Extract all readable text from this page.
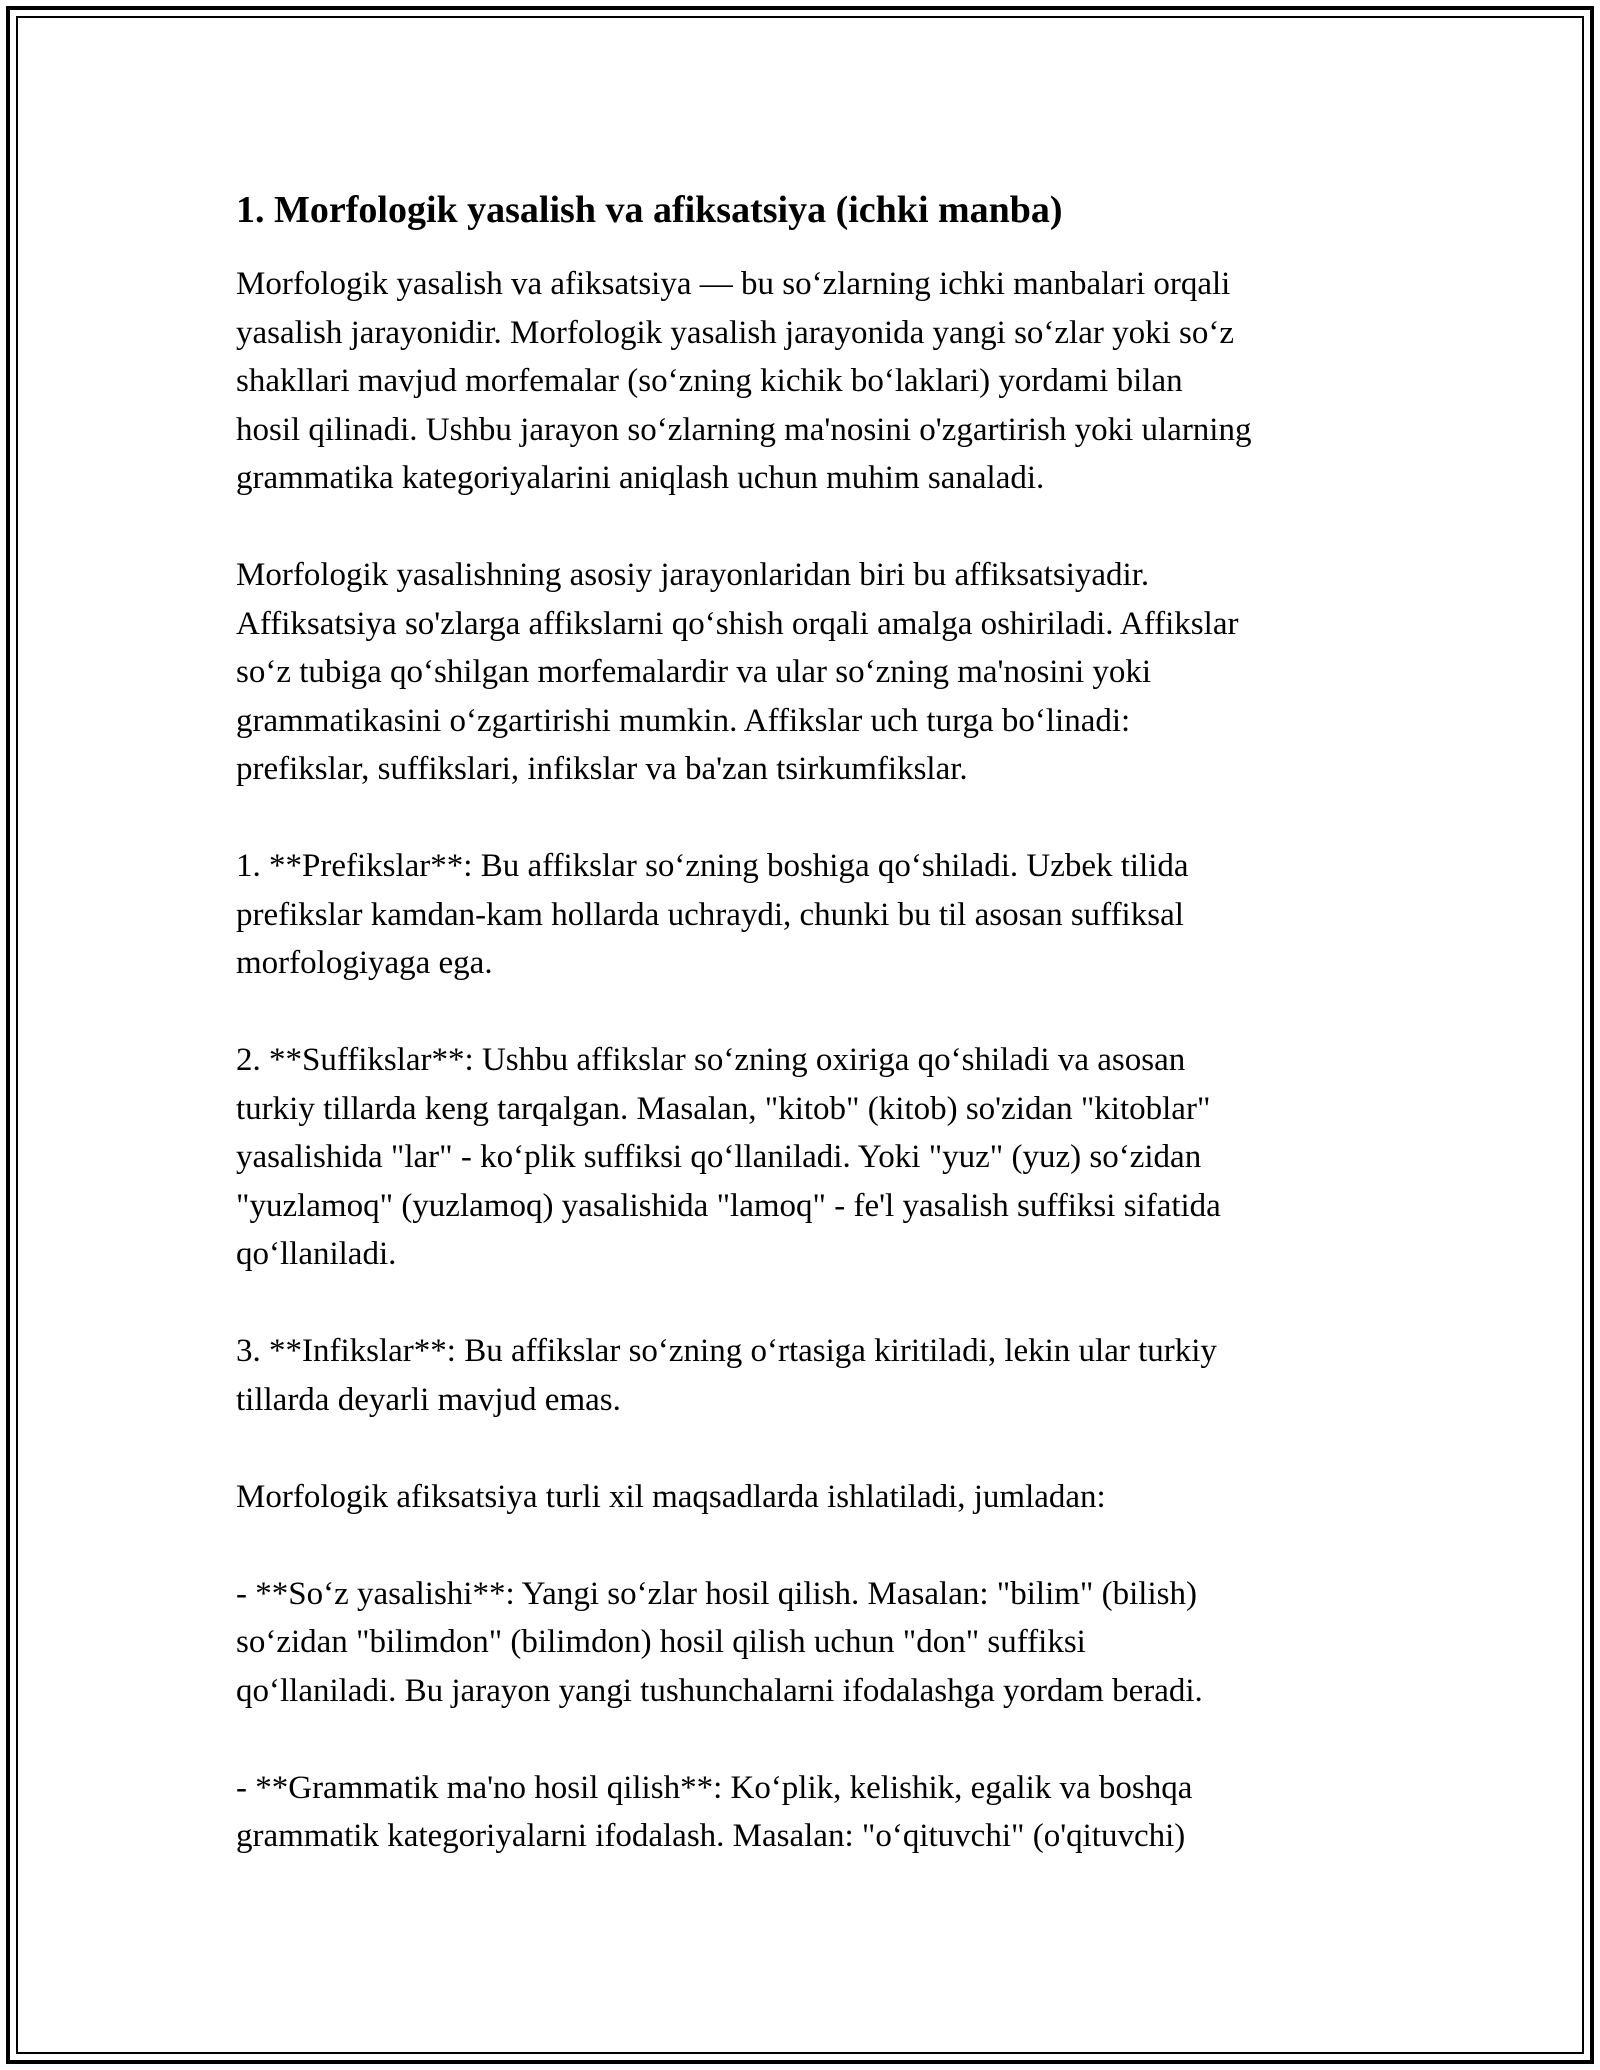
1. Morfologik yasalish va afiksatsiya (ichki manba)

Morfologik yasalish va afiksatsiya — bu so‘zlarning ichki manbalari orqali
yasalish jarayonidir. Morfologik yasalish jarayonida yangi so‘zlar yoki so‘z
shakllari mavjud morfemalar (so‘zning kichik bo‘laklari) yordami bilan
hosil qilinadi. Ushbu jarayon so‘zlarning ma'nosini o'zgartirish yoki ularning
grammatika kategoriyalarini aniqlash uchun muhim sanaladi.

Morfologik yasalishning asosiy jarayonlaridan biri bu affiksatsiyadir.
Affiksatsiya so'zlarga affikslarni qo‘shish orqali amalga oshiriladi. Affikslar
so‘z tubiga qo‘shilgan morfemalardir va ular so‘zning ma'nosini yoki
grammatikasini o‘zgartirishi mumkin. Affikslar uch turga bo‘linadi:
prefikslar, suffikslari, infikslar va ba'zan tsirkumfikslar.

1. **Prefikslar**: Bu affikslar so‘zning boshiga qo‘shiladi. Uzbek tilida
prefikslar kamdan-kam hollarda uchraydi, chunki bu til asosan suffiksal
morfologiyaga ega.

2. **Suffikslar**: Ushbu affikslar so‘zning oxiriga qo‘shiladi va asosan
turkiy tillarda keng tarqalgan. Masalan, "kitob" (kitob) so'zidan "kitoblar"
yasalishida "lar" - ko‘plik suffiksi qo‘llaniladi. Yoki "yuz" (yuz) so‘zidan
"yuzlamoq" (yuzlamoq) yasalishida "lamoq" - fe'l yasalish suffiksi sifatida
qo‘llaniladi.

3. **Infikslar**: Bu affikslar so‘zning o‘rtasiga kiritiladi, lekin ular turkiy
tillarda deyarli mavjud emas.

Morfologik afiksatsiya turli xil maqsadlarda ishlatiladi, jumladan:

- **So‘z yasalishi**: Yangi so‘zlar hosil qilish. Masalan: "bilim" (bilish)
so‘zidan "bilimdon" (bilimdon) hosil qilish uchun "don" suffiksi
qo‘llaniladi. Bu jarayon yangi tushunchalarni ifodalashga yordam beradi.

- **Grammatik ma'no hosil qilish**: Ko‘plik, kelishik, egalik va boshqa
grammatik kategoriyalarni ifodalash. Masalan: "o‘qituvchi" (o'qituvchi)
